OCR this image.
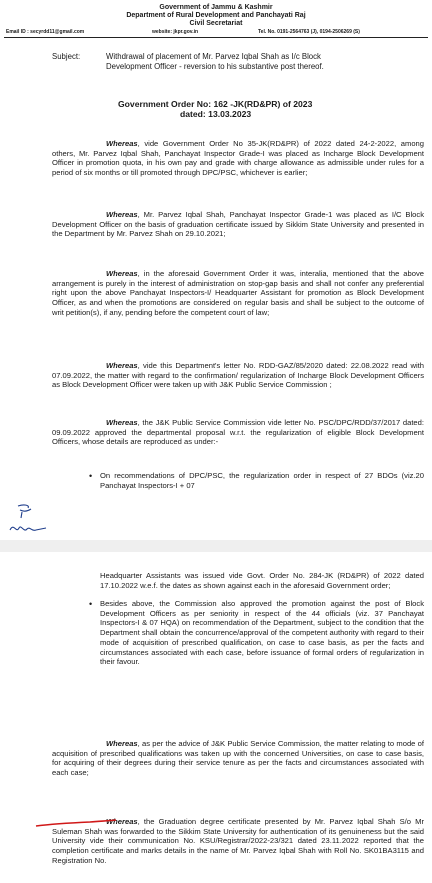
Government of Jammu & Kashmir
Department of Rural Development and Panchayati Raj
Civil Secretariat
Email ID : secyrdd11@gmail.com	website: jkpr.gov.in	Tel. No. 0191-2564763 (J), 0194-2506269 (S)
Subject:	Withdrawal of placement of Mr. Parvez Iqbal Shah as I/c Block
Development Officer - reversion to his substantive post thereof.
Government Order No: 162 -JK(RD&PR) of 2023
dated: 13.03.2023
Whereas, vide Government Order No 35-JK(RD&PR) of 2022 dated 24-2-2022, among others, Mr. Parvez Iqbal Shah, Panchayat Inspector Grade-I was placed as Incharge Block Development Officer in promotion quota, in his own pay and grade with charge allowance as admissible under rules for a period of six months or till promoted through DPC/PSC, whichever is earlier;
Whereas, Mr. Parvez Iqbal Shah, Panchayat Inspector Grade-1 was placed as I/C Block Development Officer on the basis of graduation certificate issued by Sikkim State University and presented in the Department by Mr. Parvez Shah on 29.10.2021;
Whereas, in the aforesaid Government Order it was, interalia, mentioned that the above arrangement is purely in the interest of administration on stop-gap basis and shall not confer any preferential right upon the above Panchayat Inspectors-I/ Headquarter Assistant for promotion as Block Development Officer, as and when the promotions are considered on regular basis and shall be subject to the outcome of writ petition(s), if any, pending before the competent court of law;
Whereas, vide this Department's letter No. RDD-GAZ/85/2020 dated: 22.08.2022 read with 07.09.2022, the matter with regard to the confirmation/ regularization of Incharge Block Development Officers as Block Development Officer were taken up with J&K Public Service Commission ;
Whereas, the J&K Public Service Commission vide letter No. PSC/DPC/RDD/37/2017 dated: 09.09.2022 approved the departmental proposal w.r.t. the regularization of eligible Block Development Officers, whose details are reproduced as under:-
• On recommendations of DPC/PSC, the regularization order in respect of 27 BDOs (viz.20 Panchayat Inspectors-I + 07
Headquarter Assistants was issued vide Govt. Order No. 284-JK (RD&PR) of 2022 dated 17.10.2022 w.e.f. the dates as shown against each in the aforesaid Government order;
• Besides above, the Commission also approved the promotion against the post of Block Development Officers as per seniority in respect of the 44 officials (viz. 37 Panchayat Inspectors-I & 07 HQA) on recommendation of the Department, subject to the condition that the Department shall obtain the concurrence/approval of the competent authority with regard to their mode of acquisition of prescribed qualification, on case to case basis, as per the facts and circumstances associated with each case, before issuance of formal orders of regularization in their favour.
Whereas, as per the advice of J&K Public Service Commission, the matter relating to mode of acquisition of prescribed qualifications was taken up with the concerned Universities, on case to case basis, for acquiring of their degrees during their service tenure as per the facts and circumstances associated with each case;
Whereas, the Graduation degree certificate presented by Mr. Parvez Iqbal Shah S/o Mr Suleman Shah was forwarded to the Sikkim State University for authentication of its genuineness but the said University vide their communication No. KSU/Registrar/2022-23/321 dated 23.11.2022 reported that the completion certificate and marks details in the name of Mr. Parvez Iqbal Shah with Roll No. SK01BA3115 and Registration No.
